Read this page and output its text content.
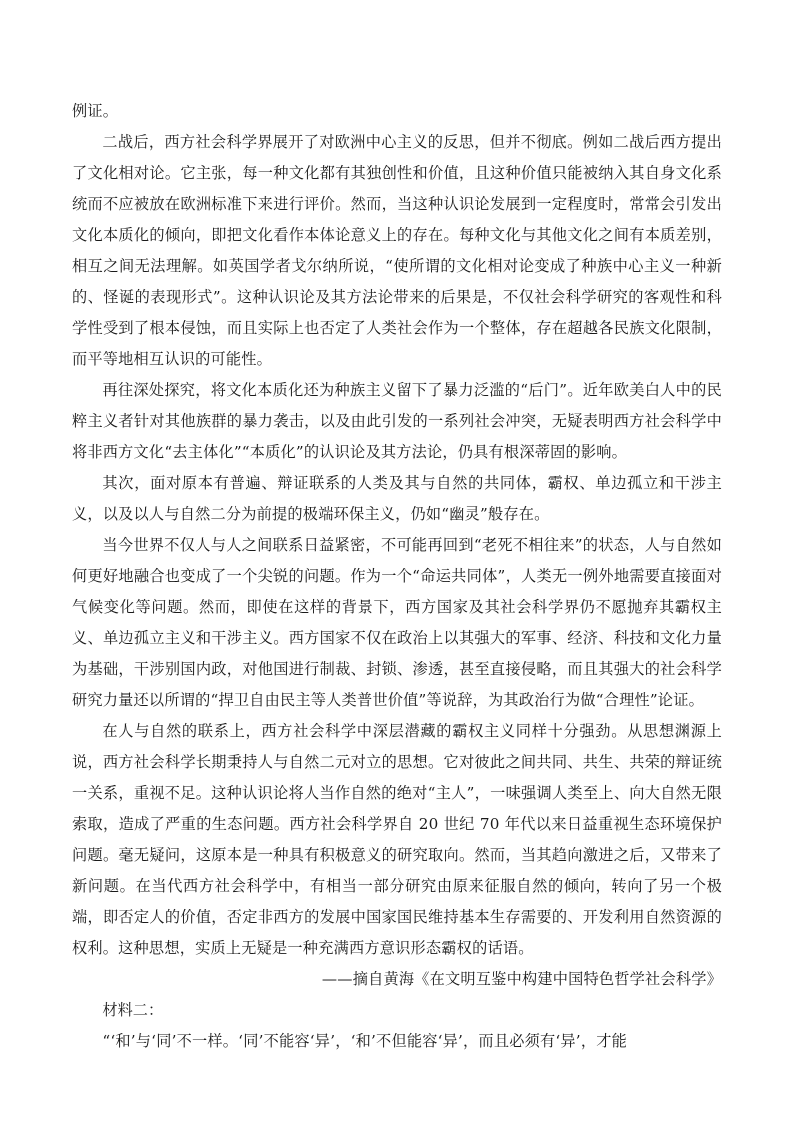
例证。

二战后，西方社会科学界展开了对欧洲中心主义的反思，但并不彻底。例如二战后西方提出了文化相对论。它主张，每一种文化都有其独创性和价值，且这种价值只能被纳入其自身文化系统而不应被放在欧洲标准下来进行评价。然而，当这种认识论发展到一定程度时，常常会引发出文化本质化的倾向，即把文化看作本体论意义上的存在。每种文化与其他文化之间有本质差别，相互之间无法理解。如英国学者戈尔纳所说，“使所谓的文化相对论变成了种族中心主义一种新的、怪诞的表现形式”。这种认识论及其方法论带来的后果是，不仅社会科学研究的客观性和科学性受到了根本侵蚀，而且实际上也否定了人类社会作为一个整体，存在超越各民族文化限制，而平等地相互认识的可能性。

再往深处探究，将文化本质化还为种族主义留下了暴力泛滥的“后门”。近年欧美白人中的民粹主义者针对其他族群的暴力袭击，以及由此引发的一系列社会冲突，无疑表明西方社会科学中将非西方文化“去主体化”“本质化”的认识论及其方法论，仍具有根深蒂固的影响。

其次，面对原本有普遍、辩证联系的人类及其与自然的共同体，霸权、单边孤立和干涉主义，以及以人与自然二分为前提的极端环保主义，仍如“幽灵”般存在。

当今世界不仅人与人之间联系日益紧密，不可能再回到“老死不相往来”的状态，人与自然如何更好地融合也变成了一个尖锐的问题。作为一个“命运共同体”，人类无一例外地需要直接面对气候变化等问题。然而，即使在这样的背景下，西方国家及其社会科学界仍不愿抛弃其霸权主义、单边孤立主义和干涉主义。西方国家不仅在政治上以其强大的军事、经济、科技和文化力量为基础，干涉别国内政，对他国进行制裁、封锁、渗透，甚至直接侵略，而且其强大的社会科学研究力量还以所谓的“捍卫自由民主等人类普世价值”等说辞，为其政治行为做“合理性”论证。

在人与自然的联系上，西方社会科学中深层潜藏的霸权主义同样十分强劲。从思想渊源上说，西方社会科学长期秉持人与自然二元对立的思想。它对彼此之间共同、共生、共荣的辩证统一关系，重视不足。这种认识论将人当作自然的绝对“主人”，一味强调人类至上、向大自然无限索取，造成了严重的生态问题。西方社会科学界自 20 世纪 70 年代以来日益重视生态环境保护问题。毫无疑问，这原本是一种具有积极意义的研究取向。然而，当其趋向激进之后，又带来了新问题。在当代西方社会科学中，有相当一部分研究由原来征服自然的倾向，转向了另一个极端，即否定人的价值，否定非西方的发展中国家国民维持基本生存需要的、开发利用自然资源的权利。这种思想，实质上无疑是一种充满西方意识形态霸权的话语。

——摘自黄海《在文明互鉴中构建中国特色哲学社会科学》

材料二：

“‘和’与‘同’不一样。‘同’不能容‘异’，‘和’不但能容‘异’，而且必须有‘异’，才能
